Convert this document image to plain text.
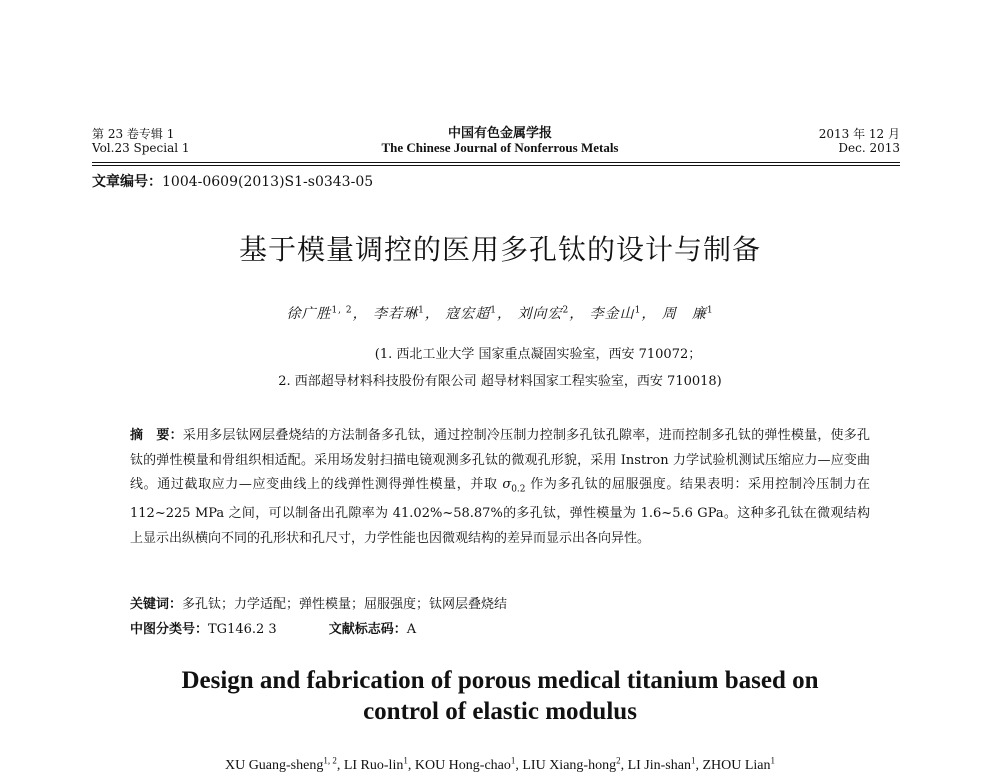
第 23 卷专辑 1
Vol.23 Special 1
中国有色金属学报
The Chinese Journal of Nonferrous Metals
2013 年 12 月
Dec. 2013
文章编号：1004-0609(2013)S1-s0343-05
基于模量调控的医用多孔钛的设计与制备
徐广胜$^{1, 2}$， 李若琳$^1$， 寇宏超$^1$， 刘向宏$^2$， 李金山$^1$， 周　廉$^1$
(1. 西北工业大学 国家重点凝固实验室，西安 710072；
2. 西部超导材料科技股份有限公司 超导材料国家工程实验室，西安 710018)
摘　要：采用多层钛网层叠烧结的方法制备多孔钛，通过控制冷压制力控制多孔钛孔隙率，进而控制多孔钛的弹性模量，使多孔钛的弹性模量和骨组织相适配。采用场发射扫描电镜观测多孔钛的微观孔形貌，采用 Instron 力学试验机测试压缩应力—应变曲线。通过截取应力—应变曲线上的线弹性测得弹性模量，并取 $\sigma_{0.2}$ 作为多孔钛的屈服强度。结果表明：采用控制冷压制力在 112~225 MPa 之间，可以制备出孔隙率为 41.02%~58.87%的多孔钛，弹性模量为 1.6~5.6 GPa。这种多孔钛在微观结构上显示出纵横向不同的孔形状和孔尺寸，力学性能也因微观结构的差异而显示出各向异性。
关键词：多孔钛；力学适配；弹性模量；屈服强度；钛网层叠烧结
中图分类号：TG146.2 3	文献标志码：A
Design and fabrication of porous medical titanium based on
control of elastic modulus
XU Guang-sheng$^{1, 2}$, LI Ruo-lin$^1$, KOU Hong-chao$^1$, LIU Xiang-hong$^2$, LI Jin-shan$^1$, ZHOU Lian$^1$
